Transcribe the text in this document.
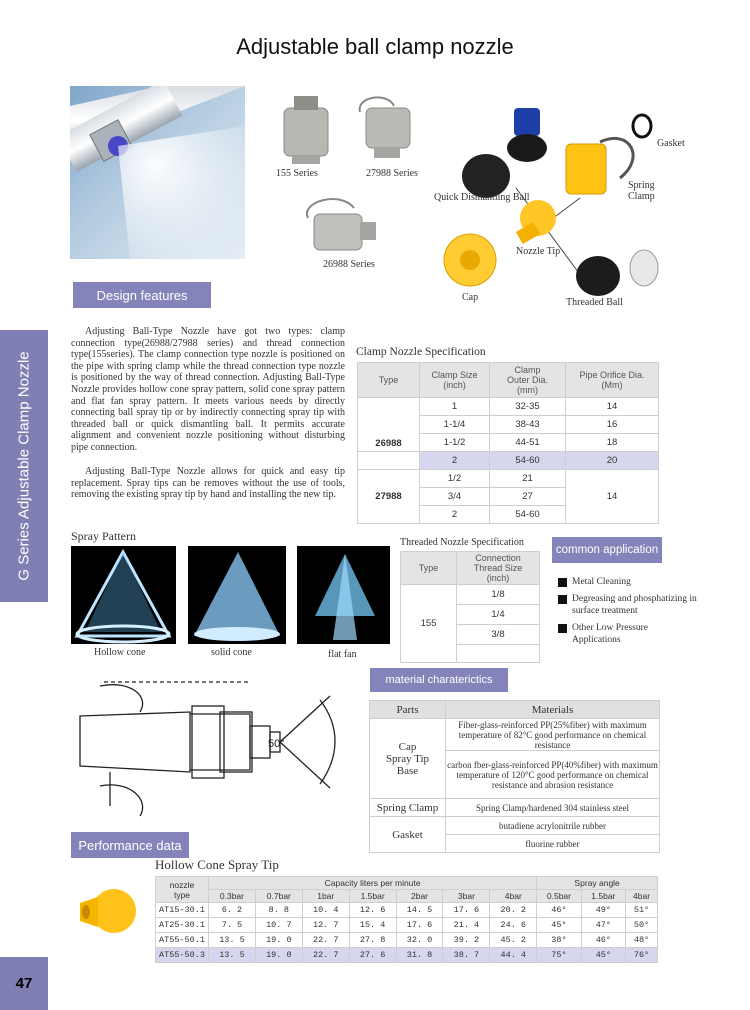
Adjustable ball clamp nozzle
G Series Adjustable Clamp Nozzle
47
155 Series	27988 Series
26988 Series
Gasket
Spring
Clamp
Quick Dismantling Ball
Nozzle Tip
Cap	Threaded Ball
Design features
Adjusting Ball-Type Nozzle have got two types: clamp connection type(26988/27988 series) and thread connection type(155series). The clamp connection type nozzle is positioned on the pipe with spring clamp while the thread connection type nozzle is positioned by the way of thread connection. Adjusting Ball-Type Nozzle provides hollow cone spray pattern, solid cone spray pattern and flat fan spray pattern. It meets various needs by directly connecting ball spray tip or by indirectly connecting spray tip with threaded ball or quick dismantling ball. It permits accurate alignment and convenient nozzle positioning without disturbing pipe connection.
Adjusting Ball-Type Nozzle allows for quick and easy tip replacement. Spray tips can be removes without the use of tools, removing the existing spray tip by hand and installing the new tip.
Clamp Nozzle Specification
Type	Clamp Size
(inch)	Clamp
Outer Dia.
(mm)	Pipe Orifice Dia.
(Mm)
26988	1	32-35	14
	1-1/4	38-43	16
	1-1/2	44-51	18
	2	54-60	20
27988	1/2	21	14
	3/4	27	
	2	54-60	
Spray Pattern
Hollow cone	solid cone	flat fan
Threaded Nozzle Specification
Type	Connection
Thread Size
(inch)
155	1/8
	1/4
	3/8

common application
Metal Cleaning
Degreasing and phosphatizing in surface treatment
Other Low Pressure Applications
50°
material charaterictics
Parts	Materials
Cap
Spray Tip
Base	Fiber-glass-reinforced PP(25%fiber) with maximum temperature of 82°C good performance on chemical resistance
	carbon fber-glass-reinforced PP(40%fiber) with maximum temperature of 120°C good performance on chemical resistance and abrasion resistance
Spring Clamp	Spring Clamp/hardened 304 stainless steel
Gasket	butadiene acrylonitrile rubber
	fluorine rubber
Performance data
Hollow Cone Spray Tip
nozzle
type	Capacity liters per minute							Spray angle		
	0.3bar	0.7bar	1bar	1.5bar	2bar	3bar	4bar	0.5bar	1.5bar	4bar
AT15-30.1	6. 2	8. 8	10. 4	12. 6	14. 5	17. 6	20. 2	46°	49°	51°
AT25-30.1	7. 5	10. 7	12. 7	15. 4	17. 6	21. 4	24. 6	45°	47°	50°
AT55-50.1	13. 5	19. 0	22. 7	27. 8	32. 0	39. 2	45. 2	38°	46°	48°
AT55-50.3	13. 5	19. 0	22. 7	27. 6	31. 8	38. 7	44. 4	75°	45°	76°
